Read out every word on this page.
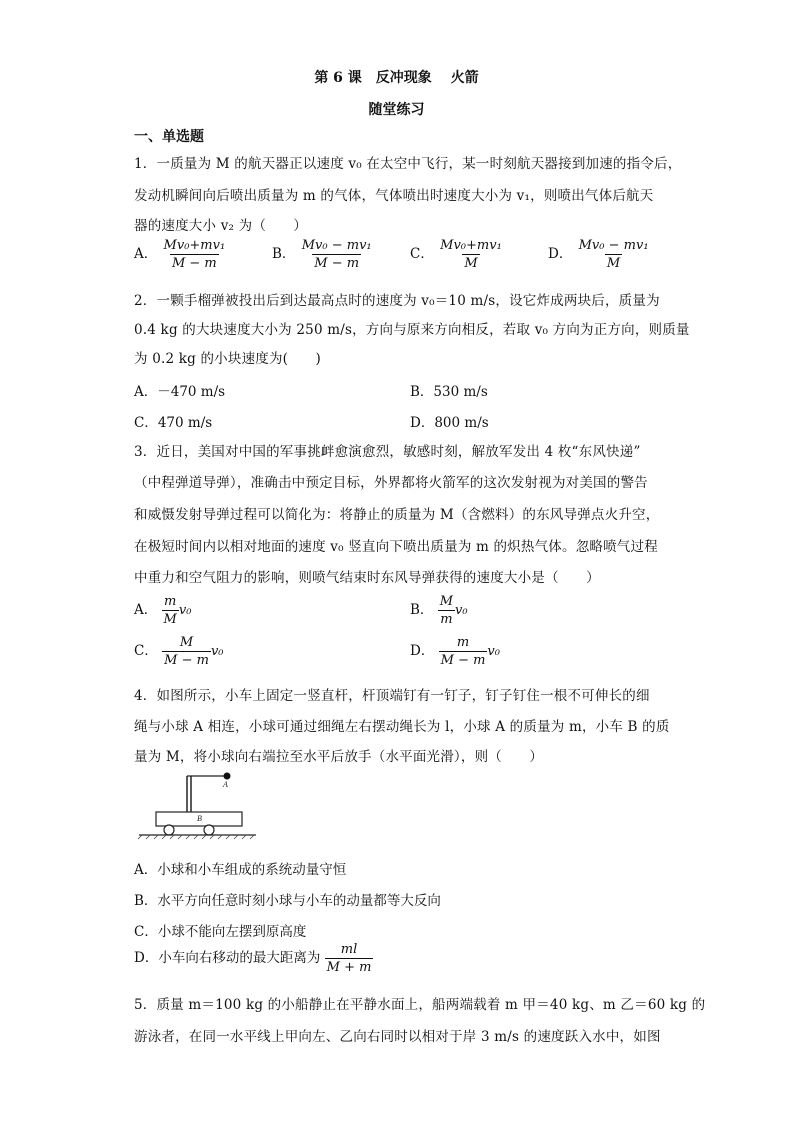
第 6 课　反冲现象　 火箭
随堂练习
一、单选题
1．一质量为 M 的航天器正以速度 v₀ 在太空中飞行，某一时刻航天器接到加速的指令后，
发动机瞬间向后喷出质量为 m 的气体，气体喷出时速度大小为 v₁，则喷出气体后航天
器的速度大小 v₂ 为（　　）
A． $\frac{\text{Mv₀+mv₁}}{M - m}$	B． $\frac{\text{Mv₀ − mv₁}}{M - m}$	C． $\frac{\text{Mv₀+mv₁}}{M}$	D． $\frac{\text{Mv₀ − mv₁}}{M}$
2．一颗手榴弹被投出后到达最高点时的速度为 v₀＝10 m/s，设它炸成两块后，质量为
0.4 kg 的大块速度大小为 250 m/s，方向与原来方向相反，若取 v₀ 方向为正方向，则质量
为 0.2 kg 的小块速度为(　　)
A．－470 m/s	B．530 m/s
C．470 m/s	D．800 m/s
3．近日，美国对中国的军事挑衅愈演愈烈，敏感时刻，解放军发出 4 枚“东风快递”
（中程弹道导弹），准确击中预定目标，外界都将火箭军的这次发射视为对美国的警告
和威慑发射导弹过程可以简化为：将静止的质量为 M（含燃料）的东风导弹点火升空，
在极短时间内以相对地面的速度 v₀ 竖直向下喷出质量为 m 的炽热气体。忽略喷气过程
中重力和空气阻力的影响，则喷气结束时东风导弹获得的速度大小是（　　）
A． $\frac{m}{M} v_0$	B． $\frac{M}{m} v_0$
C． $\frac{M}{M - m} v_0$	D． $\frac{m}{M - m} v_0$
4．如图所示，小车上固定一竖直杆，杆顶端钉有一钉子，钉子钉住一根不可伸长的细
绳与小球 A 相连，小球可通过细绳左右摆动绳长为 l，小球 A 的质量为 m，小车 B 的质
量为 M，将小球向右端拉至水平后放手（水平面光滑），则（　　）
A
B
A．小球和小车组成的系统动量守恒
B．水平方向任意时刻小球与小车的动量都等大反向
C．小球不能向左摆到原高度
D．小车向右移动的最大距离为 $\frac{ml}{M + m}$
5．质量 m＝100 kg 的小船静止在平静水面上，船两端载着 m 甲＝40 kg、m 乙＝60 kg 的
游泳者，在同一水平线上甲向左、乙向右同时以相对于岸 3 m/s 的速度跃入水中，如图
